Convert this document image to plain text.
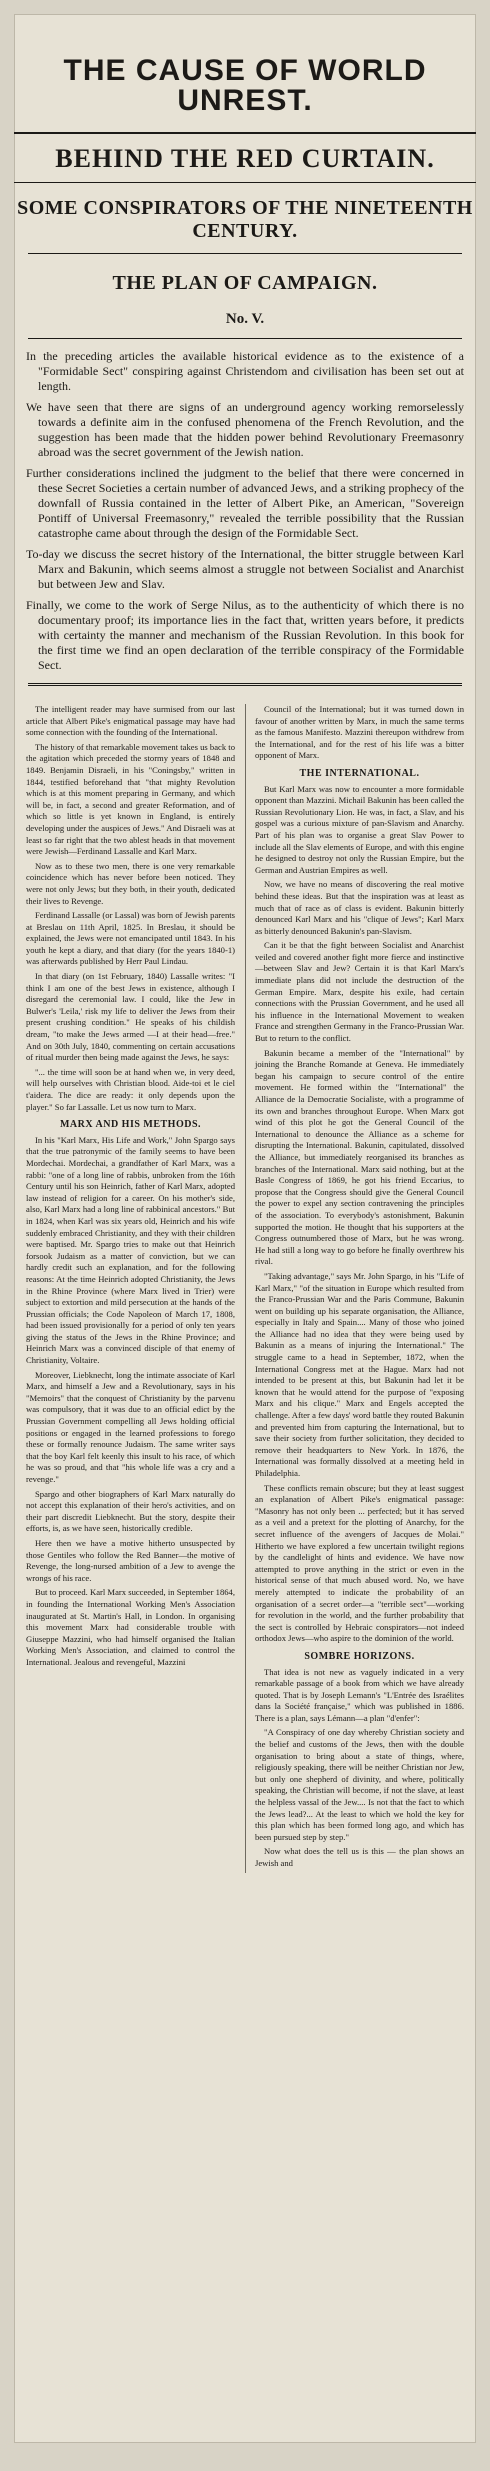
THE CAUSE OF WORLD UNREST.
BEHIND THE RED CURTAIN.
SOME CONSPIRATORS OF THE NINETEENTH CENTURY.
THE PLAN OF CAMPAIGN.
No. V.

In the preceding articles the available historical evidence as to the existence of a "Formidable Sect" conspiring against Christendom and civilisation has been set out at length.

We have seen that there are signs of an underground agency working remorselessly towards a definite aim in the confused phenomena of the French Revolution, and the suggestion has been made that the hidden power behind Revolutionary Freemasonry abroad was the secret government of the Jewish nation.

Further considerations inclined the judgment to the belief that there were concerned in these Secret Societies a certain number of advanced Jews, and a striking prophecy of the downfall of Russia contained in the letter of Albert Pike, an American, "Sovereign Pontiff of Universal Freemasonry," revealed the terrible possibility that the Russian catastrophe came about through the design of the Formidable Sect.

To-day we discuss the secret history of the International, the bitter struggle between Karl Marx and Bakunin, which seems almost a struggle not between Socialist and Anarchist but between Jew and Slav.

Finally, we come to the work of Serge Nilus, as to the authenticity of which there is no documentary proof; its importance lies in the fact that, written years before, it predicts with certainty the manner and mechanism of the Russian Revolution. In this book for the first time we find an open declaration of the terrible conspiracy of the Formidable Sect.

The intelligent reader may have surmised from our last article that Albert Pike's enigmatical passage may have had some connection with the founding of the International.

The history of that remarkable movement takes us back to the agitation which preceded the stormy years of 1848 and 1849. Benjamin Disraeli, in his "Coningsby," written in 1844, testified beforehand that "that mighty Revolution which is at this moment preparing in Germany, and which will be, in fact, a second and greater Reformation, and of which so little is yet known in England, is entirely developing under the auspices of Jews." And Disraeli was at least so far right that the two ablest heads in that movement were Jewish—Ferdinand Lassalle and Karl Marx.

Now as to these two men, there is one very remarkable coincidence which has never before been noticed. They were not only Jews; but they both, in their youth, dedicated their lives to Revenge.

Ferdinand Lassalle (or Lassal) was born of Jewish parents at Breslau on 11th April, 1825. In Breslau, it should be explained, the Jews were not emancipated until 1843. In his youth he kept a diary, and that diary (for the years 1840-1) was afterwards published by Herr Paul Lindau.

In that diary (on 1st February, 1840) Lassalle writes: "I think I am one of the best Jews in existence, although I disregard the ceremonial law. I could, like the Jew in Bulwer's 'Leila,' risk my life to deliver the Jews from their present crushing condition." He speaks of his childish dream, "to make the Jews armed —I at their head—free." And on 30th July, 1840, commenting on certain accusations of ritual murder then being made against the Jews, he says:

"... the time will soon be at hand when we, in very deed, will help ourselves with Christian blood. Aide-toi et le ciel t'aidera. The dice are ready: it only depends upon the player." So far Lassalle. Let us now turn to Marx.

MARX AND HIS METHODS.

In his "Karl Marx, His Life and Work," John Spargo says that the true patronymic of the family seems to have been Mordechai. Mordechai, a grandfather of Karl Marx, was a rabbi: "one of a long line of rabbis, unbroken from the 16th Century until his son Heinrich, father of Karl Marx, adopted law instead of religion for a career. On his mother's side, also, Karl Marx had a long line of rabbinical ancestors." But in 1824, when Karl was six years old, Heinrich and his wife suddenly embraced Christianity, and they with their children were baptised. Mr. Spargo tries to make out that Heinrich forsook Judaism as a matter of conviction, but we can hardly credit such an explanation, and for the following reasons: At the time Heinrich adopted Christianity, the Jews in the Rhine Province (where Marx lived in Trier) were subject to extortion and mild persecution at the hands of the Prussian officials; the Code Napoleon of March 17, 1808, had been issued provisionally for a period of only ten years giving the status of the Jews in the Rhine Province; and Heinrich Marx was a convinced disciple of that enemy of Christianity, Voltaire.

Moreover, Liebknecht, long the intimate associate of Karl Marx, and himself a Jew and a Revolutionary, says in his "Memoirs" that the conquest of Christianity by the parvenu was compulsory, that it was due to an official edict by the Prussian Government compelling all Jews holding official positions or engaged in the learned professions to forego these or formally renounce Judaism. The same writer says that the boy Karl felt keenly this insult to his race, of which he was so proud, and that "his whole life was a cry and a revenge."

Spargo and other biographers of Karl Marx naturally do not accept this explanation of their hero's activities, and on their part discredit Liebknecht. But the story, despite their efforts, is, as we have seen, historically credible.

Here then we have a motive hitherto unsuspected by those Gentiles who follow the Red Banner—the motive of Revenge, the long-nursed ambition of a Jew to avenge the wrongs of his race.

But to proceed. Karl Marx succeeded, in September 1864, in founding the International Working Men's Association inaugurated at St. Martin's Hall, in London. In organising this movement Marx had considerable trouble with Giuseppe Mazzini, who had himself organised the Italian Working Men's Association, and claimed to control the International. Jealous and revengeful, Mazzini

Council of the International; but it was turned down in favour of another written by Marx, in much the same terms as the famous Manifesto. Mazzini thereupon withdrew from the International, and for the rest of his life was a bitter opponent of Marx.

THE INTERNATIONAL.

But Karl Marx was now to encounter a more formidable opponent than Mazzini. Michail Bakunin has been called the Russian Revolutionary Lion. He was, in fact, a Slav, and his gospel was a curious mixture of pan-Slavism and Anarchy. Part of his plan was to organise a great Slav Power to include all the Slav elements of Europe, and with this engine he designed to destroy not only the Russian Empire, but the German and Austrian Empires as well.

Now, we have no means of discovering the real motive behind these ideas. But that the inspiration was at least as much that of race as of class is evident. Bakunin bitterly denounced Karl Marx and his "clique of Jews"; Karl Marx as bitterly denounced Bakunin's pan-Slavism.

Can it be that the fight between Socialist and Anarchist veiled and covered another fight more fierce and instinctive—between Slav and Jew? Certain it is that Karl Marx's immediate plans did not include the destruction of the German Empire. Marx, despite his exile, had certain connections with the Prussian Government, and he used all his influence in the International Movement to weaken France and strengthen Germany in the Franco-Prussian War. But to return to the conflict.

Bakunin became a member of the "International" by joining the Branche Romande at Geneva. He immediately began his campaign to secure control of the entire movement. He formed within the "International" the Alliance de la Democratie Socialiste, with a programme of its own and branches throughout Europe. When Marx got wind of this plot he got the General Council of the International to denounce the Alliance as a scheme for disrupting the International. Bakunin, capitulated, dissolved the Alliance, but immediately reorganised its branches as branches of the International. Marx said nothing, but at the Basle Congress of 1869, he got his friend Eccarius, to propose that the Congress should give the General Council the power to expel any section contravening the principles of the association. To everybody's astonishment, Bakunin supported the motion. He thought that his supporters at the Congress outnumbered those of Marx, but he was wrong. He had still a long way to go before he finally overthrew his rival.

"Taking advantage," says Mr. John Spargo, in his "Life of Karl Marx," "of the situation in Europe which resulted from the Franco-Prussian War and the Paris Commune, Bakunin went on building up his separate organisation, the Alliance, especially in Italy and Spain.... Many of those who joined the Alliance had no idea that they were being used by Bakunin as a means of injuring the International." The struggle came to a head in September, 1872, when the International Congress met at the Hague. Marx had not intended to be present at this, but Bakunin had let it be known that he would attend for the purpose of "exposing Marx and his clique." Marx and Engels accepted the challenge. After a few days' word battle they routed Bakunin and prevented him from capturing the International, but to save their society from further solicitation, they decided to remove their headquarters to New York. In 1876, the International was formally dissolved at a meeting held in Philadelphia.

These conflicts remain obscure; but they at least suggest an explanation of Albert Pike's enigmatical passage: "Masonry has not only been ... perfected; but it has served as a veil and a pretext for the plotting of Anarchy, for the secret influence of the avengers of Jacques de Molai." Hitherto we have explored a few uncertain twilight regions by the candlelight of hints and evidence. We have now attempted to prove anything in the strict or even in the historical sense of that much abused word. No, we have merely attempted to indicate the probability of an organisation of a secret order—a "terrible sect"—working for revolution in the world, and the further probability that the sect is controlled by Hebraic conspirators—not indeed orthodox Jews—who aspire to the dominion of the world.

SOMBRE HORIZONS.

That idea is not new as vaguely indicated in a very remarkable passage of a book from which we have already quoted. That is by Joseph Lemann's "L'Entrée des Israélites dans la Société française," which was published in 1886. There is a plan, says Lémann—a plan "d'enfer":

"A Conspiracy of one day whereby Christian society and the belief and customs of the Jews, then with the double organisation to bring about a state of things, where, religiously speaking, there will be neither Christian nor Jew, but only one shepherd of divinity, and where, politically speaking, the Christian will become, if not the slave, at least the helpless vassal of the Jew.... Is not that the fact to which the Jews lead?... At the least to which we hold the key for this plan which has been formed long ago, and which has been pursued step by step."

Now what does the tell us is this — the plan shows an Jewish and
